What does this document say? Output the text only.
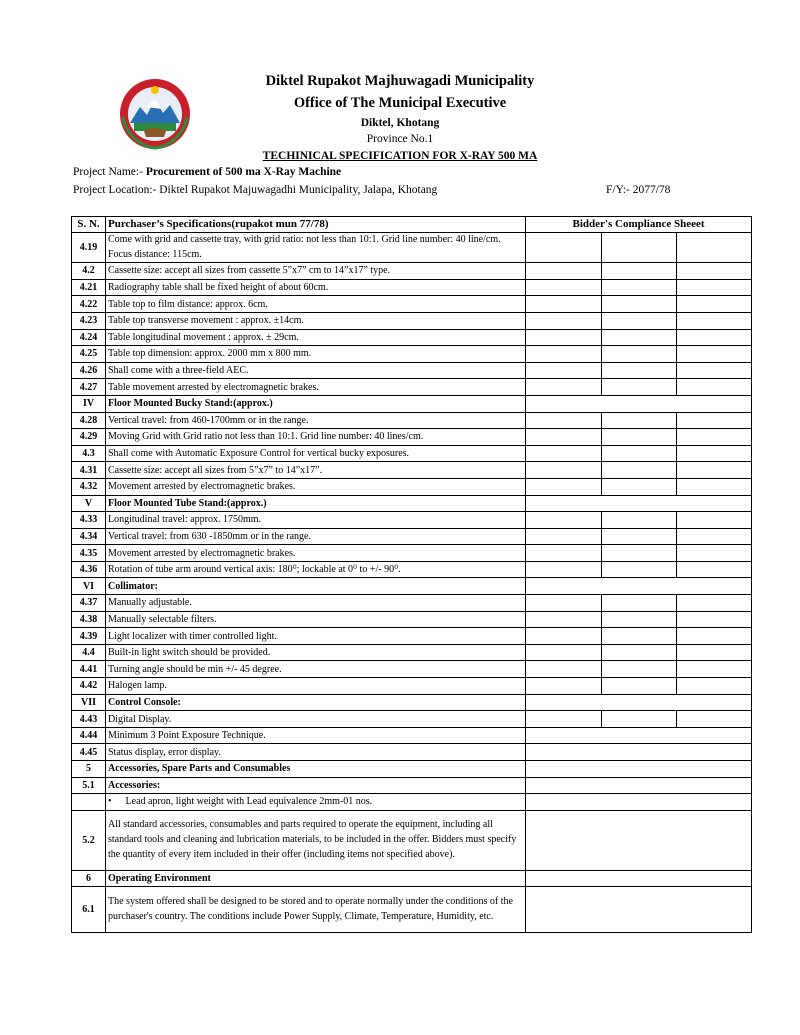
Diktel Rupakot Majhuwagadi Municipality
Office of The Municipal Executive
Diktel, Khotang
Province No.1
TECHINICAL SPECIFICATION FOR X-RAY 500 MA
Project Name:- Procurement of 500 ma X-Ray Machine
Project Location:- Diktel Rupakot Majuwagadhi Municipality, Jalapa, Khotang	F/Y:- 2077/78
S. N.	Purchaser’s Specifications(rupakot mun 77/78)	Bidder's Compliance Sheeet		
4.19	Come with grid and cassette tray, with grid ratio: not less than 10:1. Grid line number: 40 line/cm. Focus distance: 115cm.			
4.2	Cassette size: accept all sizes from cassette 5”x7” cm to 14”x17” type.			
4.21	Radiography table shall be fixed height of about 60cm.			
4.22	Table top to film distance: approx. 6cm.			
4.23	Table top transverse movement : approx. ±14cm.			
4.24	Table longitudinal movement : approx. ± 29cm.			
4.25	Table top dimension: approx. 2000 mm x 800 mm.			
4.26	Shall come with a three-field AEC.			
4.27	Table movement arrested by electromagnetic brakes.			
IV	Floor Mounted Bucky Stand:(approx.)			
4.28	Vertical travel: from 460-1700mm or in the range.			
4.29	Moving Grid with Grid ratio not less than 10:1. Grid line number: 40 lines/cm.			
4.3	Shall come with Automatic Exposure Control for vertical bucky exposures.			
4.31	Cassette size: accept all sizes from 5”x7” to 14”x17”.			
4.32	Movement arrested by electromagnetic brakes.			
V	Floor Mounted Tube Stand:(approx.)			
4.33	Longitudinal travel: approx. 1750mm.			
4.34	Vertical travel: from 630 -1850mm or in the range.			
4.35	Movement arrested by electromagnetic brakes.			
4.36	Rotation of tube arm around vertical axis: 180⁰; lockable at 0⁰ to +/- 90⁰.			
VI	Collimator:			
4.37	Manually adjustable.			
4.38	Manually selectable filters.			
4.39	Light localizer with timer controlled light.			
4.4	Built-in light switch should be provided.			
4.41	Turning angle should be min +/- 45 degree.			
4.42	Halogen lamp.			
VII	Control Console:			
4.43	Digital Display.			
4.44	Minimum 3 Point Exposure Technique.			
4.45	Status display, error display.			
5	Accessories, Spare Parts and Consumables			
5.1	Accessories:			
	• Lead apron, light weight with Lead equivalence 2mm-01 nos.	
5.2	All standard accessories, consumables and parts required to operate the equipment, including all standard tools and cleaning and lubrication materials, to be included in the offer. Bidders must specify the quantity of every item included in their offer (including items not specified above).			
6	Operating Environment			
6.1	The system offered shall be designed to be stored and to operate normally under the conditions of the purchaser's country. The conditions include Power Supply, Climate, Temperature, Humidity, etc.			
